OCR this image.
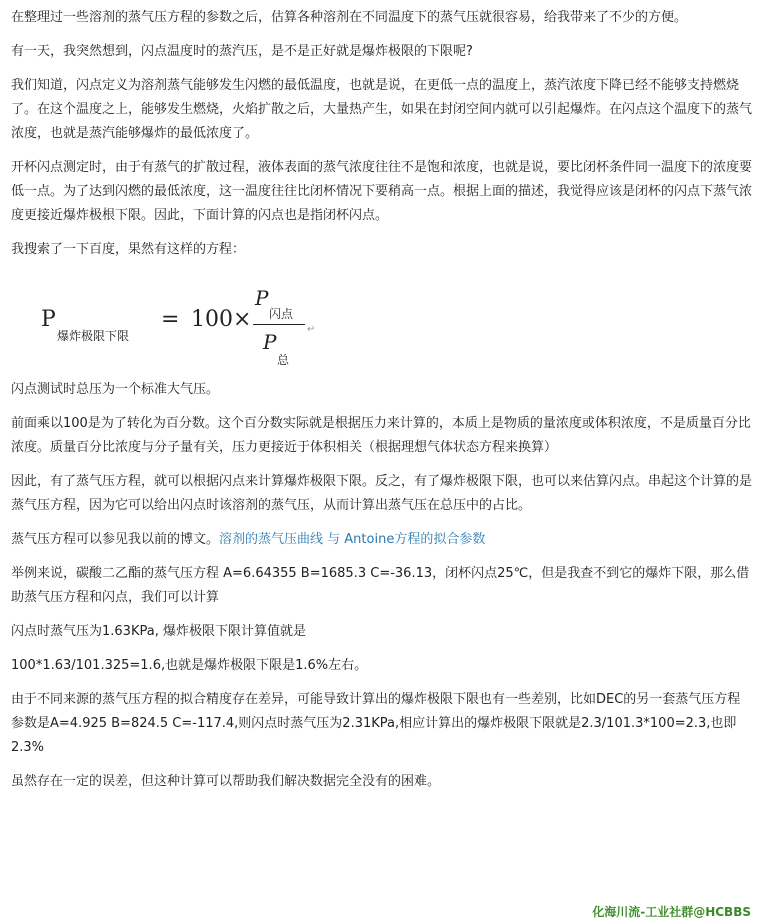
在整理过一些溶剂的蒸气压方程的参数之后，估算各种溶剂在不同温度下的蒸气压就很容易，给我带来了不少的方便。

有一天，我突然想到，闪点温度时的蒸汽压，是不是正好就是爆炸极限的下限呢?

我们知道，闪点定义为溶剂蒸气能够发生闪燃的最低温度，也就是说，在更低一点的温度上，蒸汽浓度下降已经不能够支持燃烧了。在这个温度之上，能够发生燃烧，火焰扩散之后，大量热产生，如果在封闭空间内就可以引起爆炸。在闪点这个温度下的蒸气浓度，也就是蒸汽能够爆炸的最低浓度了。

开杯闪点测定时，由于有蒸气的扩散过程，液体表面的蒸气浓度往往不是饱和浓度，也就是说，要比闭杯条件同一温度下的浓度要低一点。为了达到闪燃的最低浓度，这一温度往往比闭杯情况下要稍高一点。根据上面的描述，我觉得应该是闭杯的闪点下蒸气浓度更接近爆炸极根下限。因此，下面计算的闪点也是指闭杯闪点。

我搜索了一下百度，果然有这样的方程：

P
爆炸极限下限
= 100 ×
P
闪点
P
总
↵

闪点测试时总压为一个标准大气压。

前面乘以100是为了转化为百分数。这个百分数实际就是根据压力来计算的，本质上是物质的量浓度或体积浓度，不是质量百分比浓度。质量百分比浓度与分子量有关，压力更接近于体积相关（根据理想气体状态方程来换算）

因此，有了蒸气压方程，就可以根据闪点来计算爆炸极限下限。反之，有了爆炸极限下限，也可以来估算闪点。串起这个计算的是蒸气压方程，因为它可以给出闪点时该溶剂的蒸气压，从而计算出蒸气压在总压中的占比。

蒸气压方程可以参见我以前的博文。溶剂的蒸气压曲线 与 Antoine方程的拟合参数

举例来说，碳酸二乙酯的蒸气压方程 A=6.64355 B=1685.3 C=-36.13，闭杯闪点25℃，但是我查不到它的爆炸下限，那么借助蒸气压方程和闪点，我们可以计算

闪点时蒸气压为1.63KPa, 爆炸极限下限计算值就是

100*1.63/101.325=1.6,也就是爆炸极限下限是1.6%左右。

由于不同来源的蒸气压方程的拟合精度存在差异，可能导致计算出的爆炸极限下限也有一些差别，比如DEC的另一套蒸气压方程参数是A=4.925 B=824.5 C=-117.4,则闪点时蒸气压为2.31KPa,相应计算出的爆炸极限下限就是2.3/101.3*100=2.3,也即2.3%

虽然存在一定的误差，但这种计算可以帮助我们解决数据完全没有的困难。

化海川流-工业社群@HCBBS
